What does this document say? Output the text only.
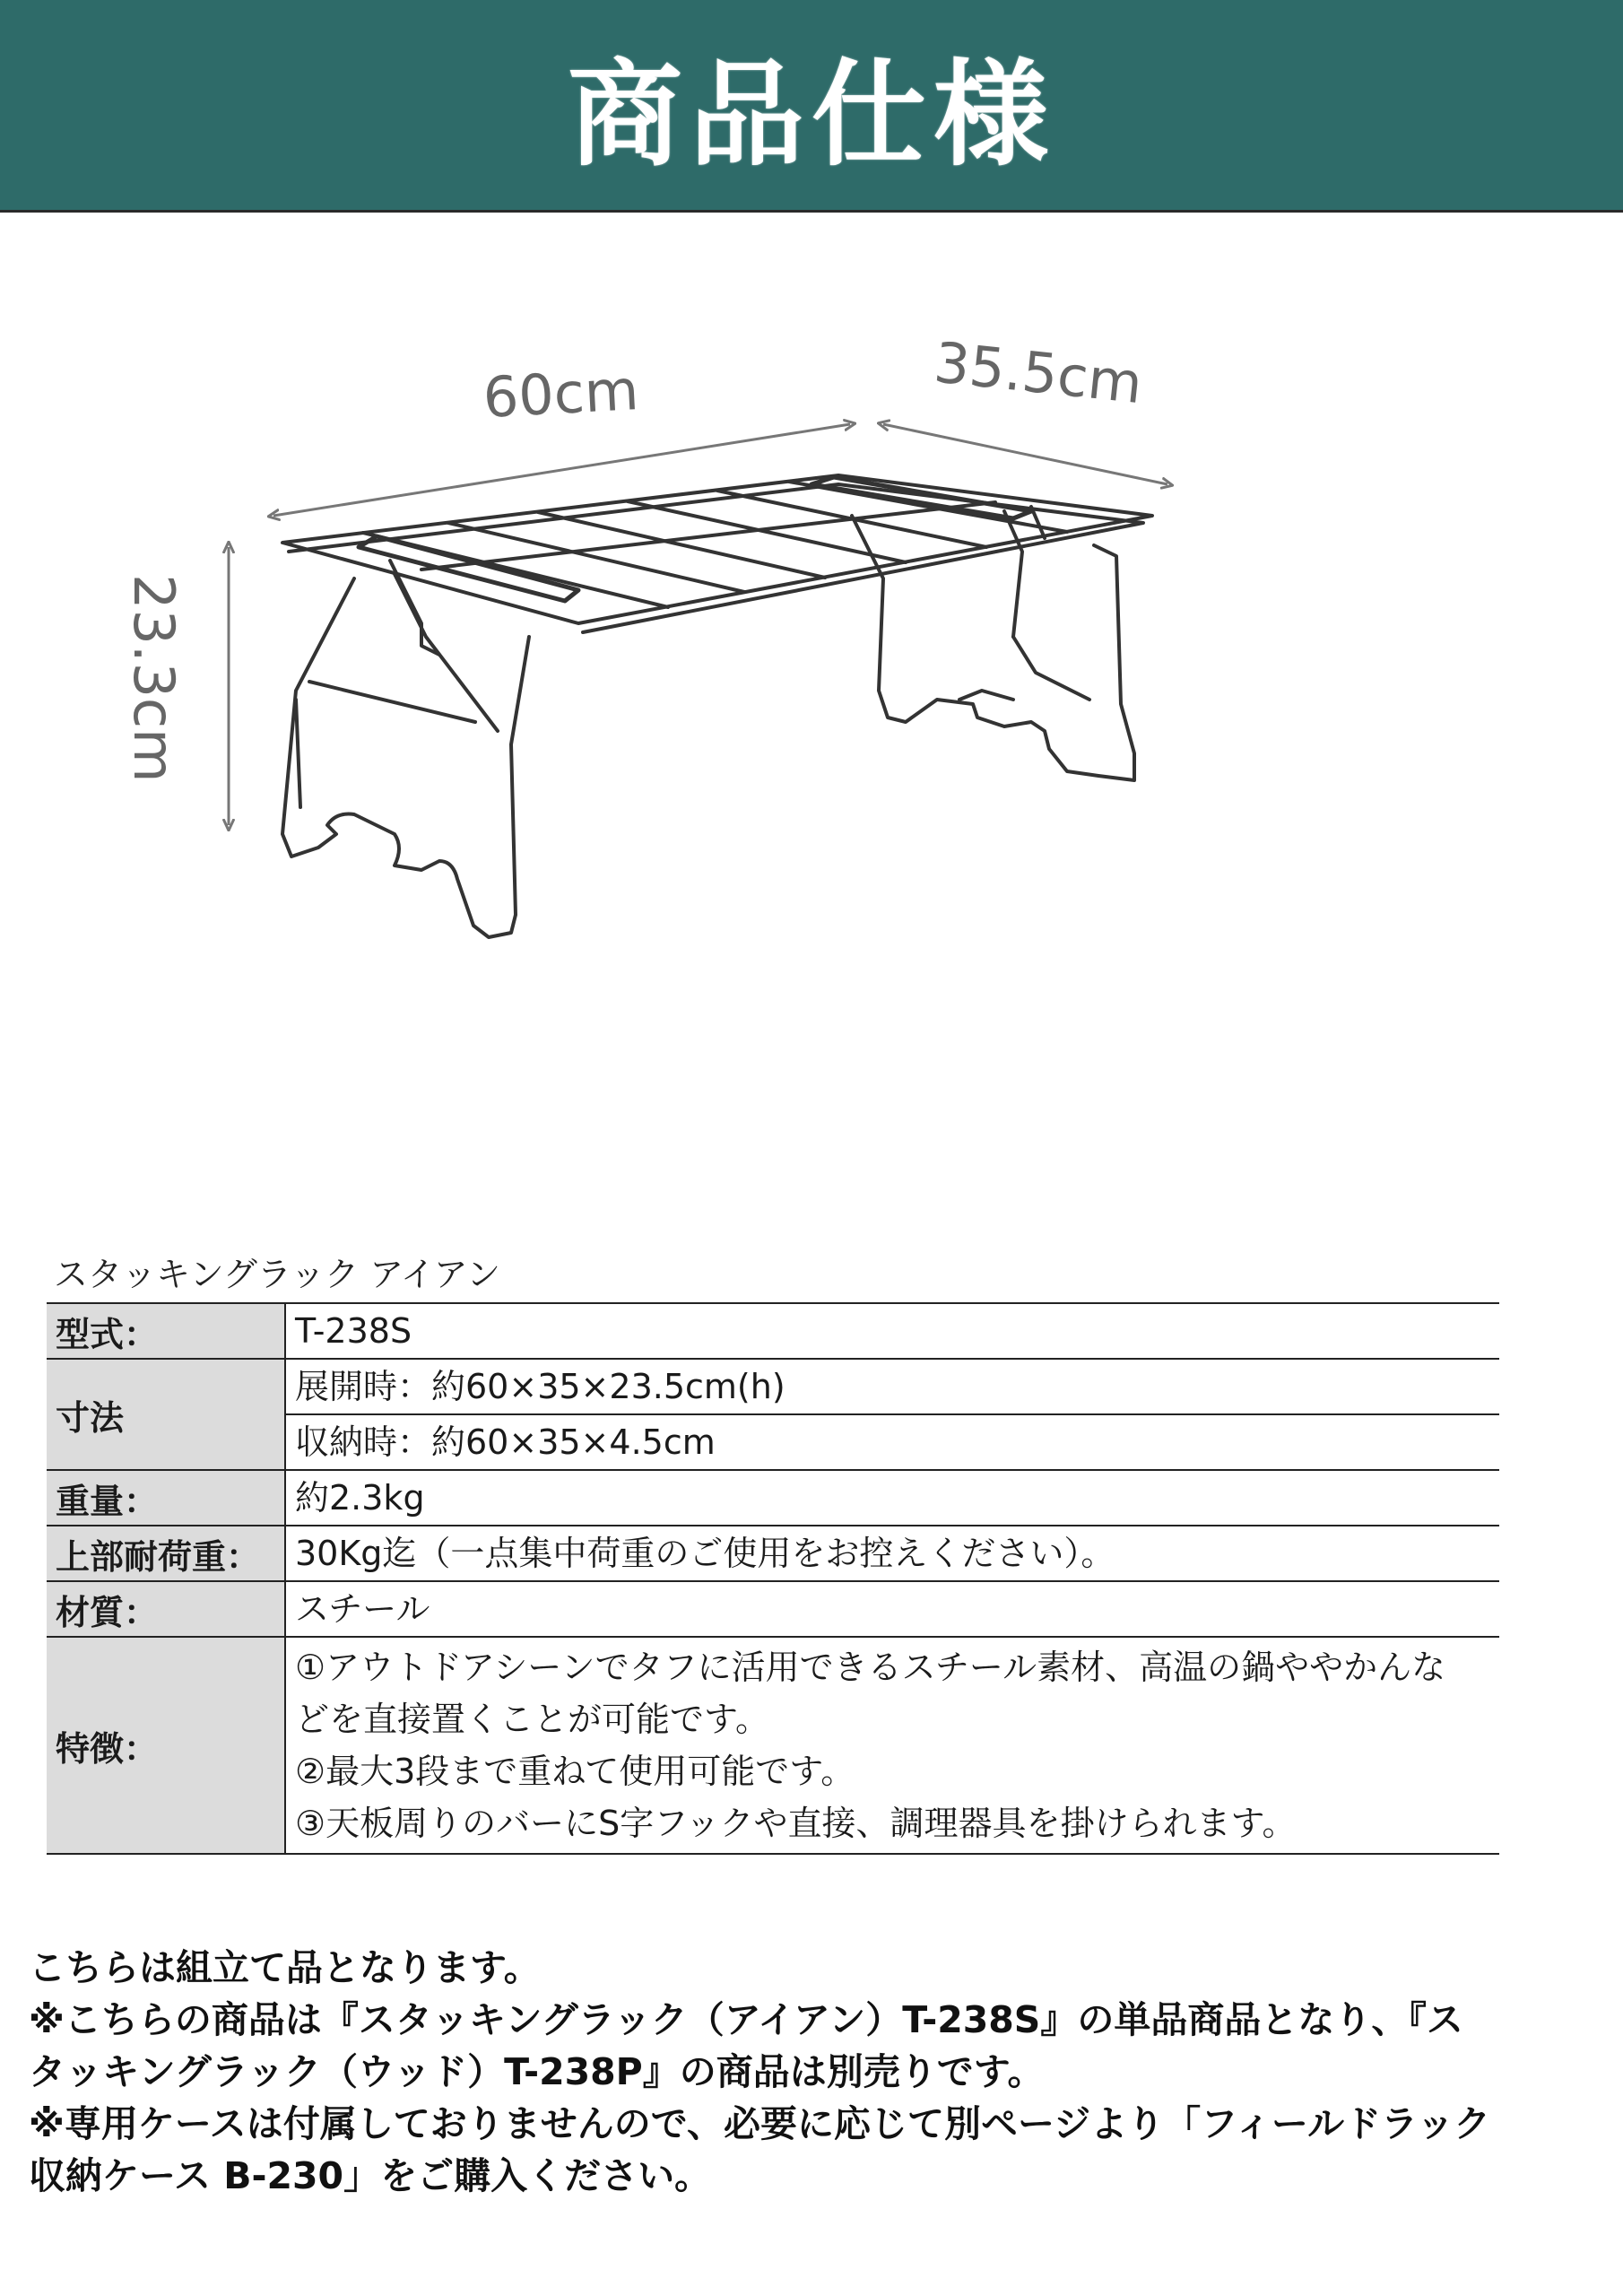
商品仕様
60cm	35.5cm
23.3cm
スタッキングラック アイアン
型式：	T-238S
寸法	展開時：約60×35×23.5cm(h)
	収納時：約60×35×4.5cm
重量：	約2.3kg
上部耐荷重：	30Kg迄（一点集中荷重のご使用をお控えください）。
材質：	スチール
特徴：	①アウトドアシーンでタフに活用できるスチール素材、高温の鍋ややかんな
どを直接置くことが可能です。
②最大3段まで重ねて使用可能です。
③天板周りのバーにS字フックや直接、調理器具を掛けられます。
こちらは組立て品となります。
※こちらの商品は『スタッキングラック（アイアン）T-238S』の単品商品となり、『ス
タッキングラック（ウッド）T-238P』の商品は別売りです。
※専用ケースは付属しておりませんので、必要に応じて別ページより「フィールドラック
収納ケース B-230」をご購入ください。
